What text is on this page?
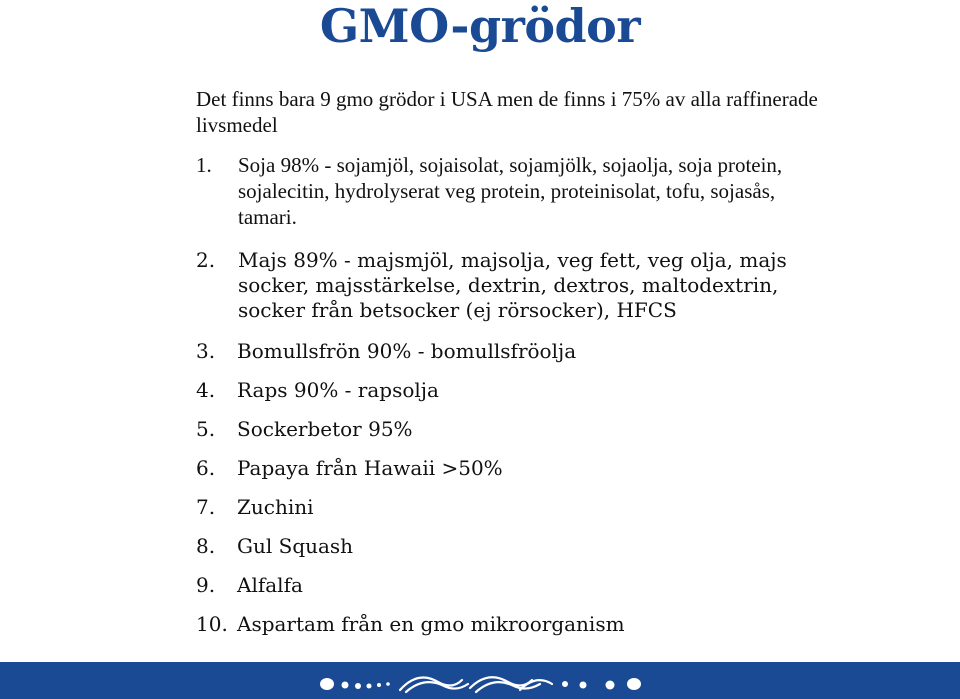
GMO-grödor
Det finns bara 9 gmo grödor i USA men de finns i 75% av alla raffinerade livsmedel
1.	Soja 98% - sojamjöl, sojaisolat, sojamjölk, sojaolja, soja protein, sojalecitin, hydrolyserat veg protein, proteinisolat, tofu, sojasås, tamari.
2.	Majs 89% - majsmjöl, majsolja, veg fett, veg olja, majs socker, majsstärkelse, dextrin, dextros, maltodextrin, socker från betsocker (ej rörsocker), HFCS
3. Bomullsfrön 90% - bomullsfröolja
4. Raps 90% - rapsolja
5. Sockerbetor 95%
6. Papaya från Hawaii >50%
7. Zuchini
8. Gul Squash
9. Alfalfa
10. Aspartam från en gmo mikroorganism
